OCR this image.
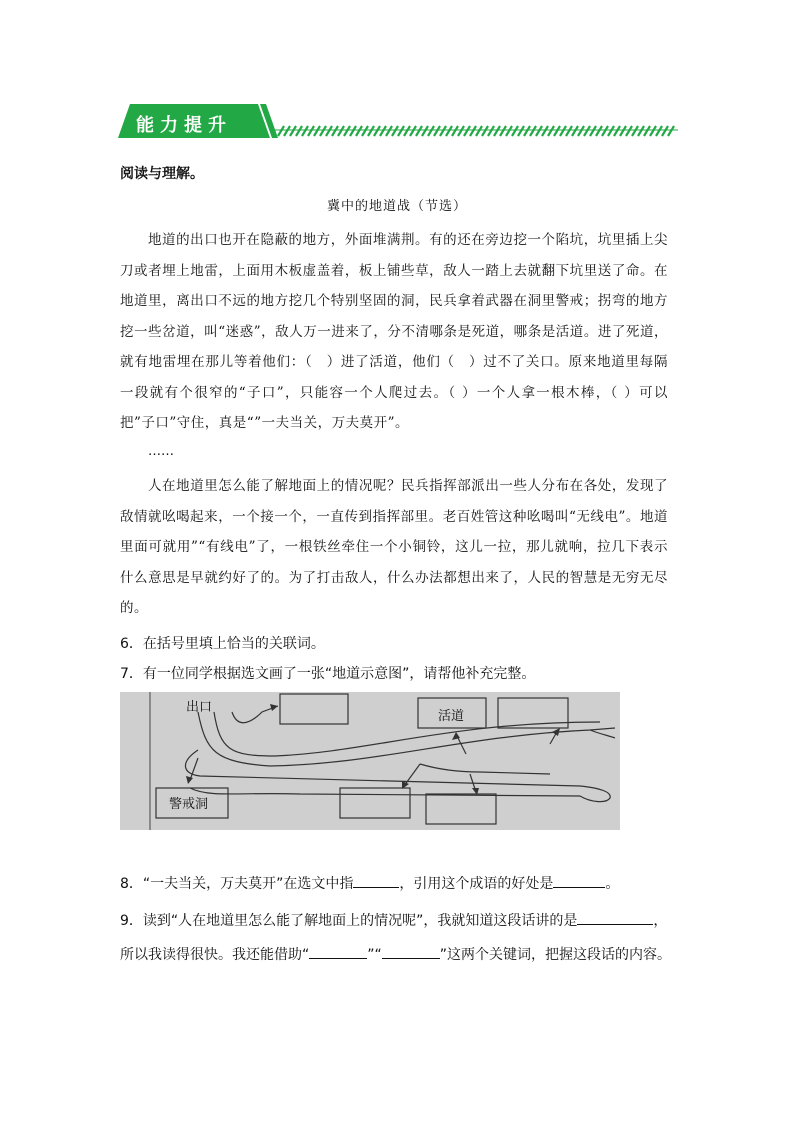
能力提升
阅读与理解。
冀中的地道战（节选）
地道的出口也开在隐蔽的地方，外面堆满荆。有的还在旁边挖一个陷坑，坑里插上尖刀或者埋上地雷，上面用木板虚盖着，板上铺些草，敌人一踏上去就翻下坑里送了命。在地道里，离出口不远的地方挖几个特别坚固的洞，民兵拿着武器在洞里警戒；拐弯的地方挖一些岔道，叫“迷惑”，敌人万一进来了，分不清哪条是死道，哪条是活道。进了死道，就有地雷埋在那儿等着他们：（　）进了活道，他们（　）过不了关口。原来地道里每隔一段就有个很窄的“子口”，只能容一个人爬过去。（ ）一个人拿一根木棒，（ ）可以把”子口”守住，真是“”一夫当关，万夫莫开”。
……
人在地道里怎么能了解地面上的情况呢？民兵指挥部派出一些人分布在各处，发现了敌情就吆喝起来，一个接一个，一直传到指挥部里。老百姓管这种吆喝叫“无线电”。地道里面可就用”“有线电”了，一根铁丝牵住一个小铜铃，这儿一拉，那儿就响，拉几下表示什么意思是早就约好了的。为了打击敌人，什么办法都想出来了，人民的智慧是无穷无尽的。
6．在括号里填上恰当的关联词。
7．有一位同学根据选文画了一张“地道示意图”，请帮他补充完整。
出口
活道
警戒洞
8．“一夫当关，万夫莫开”在选文中指	，引用这个成语的好处是	。
9．读到“人在地道里怎么能了解地面上的情况呢”，我就知道这段话讲的是	，所以我读得很快。我还能借助“	”“	”这两个关键词，把握这段话的内容。
